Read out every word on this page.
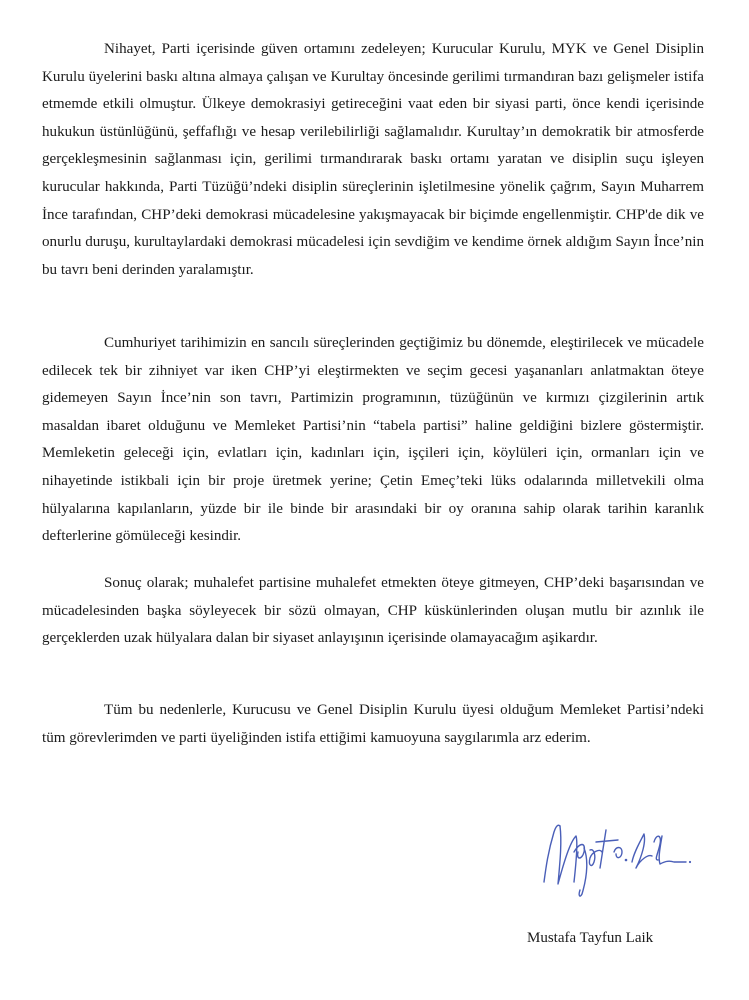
Nihayet, Parti içerisinde güven ortamını zedeleyen; Kurucular Kurulu, MYK ve Genel Disiplin Kurulu üyelerini baskı altına almaya çalışan ve Kurultay öncesinde gerilimi tırmandıran bazı gelişmeler istifa etmemde etkili olmuştur. Ülkeye demokrasiyi getireceğini vaat eden bir siyasi parti, önce kendi içerisinde hukukun üstünlüğünü, şeffaflığı ve hesap verilebilirliği sağlamalıdır. Kurultay’ın demokratik bir atmosferde gerçekleşmesinin sağlanması için, gerilimi tırmandırarak baskı ortamı yaratan ve disiplin suçu işleyen kurucular hakkında, Parti Tüzüğü’ndeki disiplin süreçlerinin işletilmesine yönelik çağrım, Sayın Muharrem İnce tarafından, CHP’deki demokrasi mücadelesine yakışmayacak bir biçimde engellenmiştir. CHP'de dik ve onurlu duruşu, kurultaylardaki demokrasi mücadelesi için sevdiğim ve kendime örnek aldığım Sayın İnce’nin bu tavrı beni derinden yaralamıştır.

Cumhuriyet tarihimizin en sancılı süreçlerinden geçtiğimiz bu dönemde, eleştirilecek ve mücadele edilecek tek bir zihniyet var iken CHP’yi eleştirmekten ve seçim gecesi yaşananları anlatmaktan öteye gidemeyen Sayın İnce’nin son tavrı, Partimizin programının, tüzüğünün ve kırmızı çizgilerinin artık masaldan ibaret olduğunu ve Memleket Partisi’nin “tabela partisi” haline geldiğini bizlere göstermiştir. Memleketin geleceği için, evlatları için, kadınları için, işçileri için, köylüleri için, ormanları için ve nihayetinde istikbali için bir proje üretmek yerine; Çetin Emeç’teki lüks odalarında milletvekili olma hülyalarına kapılanların, yüzde bir ile binde bir arasındaki bir oy oranına sahip olarak tarihin karanlık defterlerine gömüleceği kesindir.

Sonuç olarak; muhalefet partisine muhalefet etmekten öteye gitmeyen, CHP’deki başarısından ve mücadelesinden başka söyleyecek bir sözü olmayan, CHP küskünlerinden oluşan mutlu bir azınlık ile gerçeklerden uzak hülyalara dalan bir siyaset anlayışının içerisinde olamayacağım aşikardır.

Tüm bu nedenlerle, Kurucusu ve Genel Disiplin Kurulu üyesi olduğum Memleket Partisi’ndeki tüm görevlerimden ve parti üyeliğinden istifa ettiğimi kamuoyuna saygılarımla arz ederim.

Mustafa Tayfun Laik
